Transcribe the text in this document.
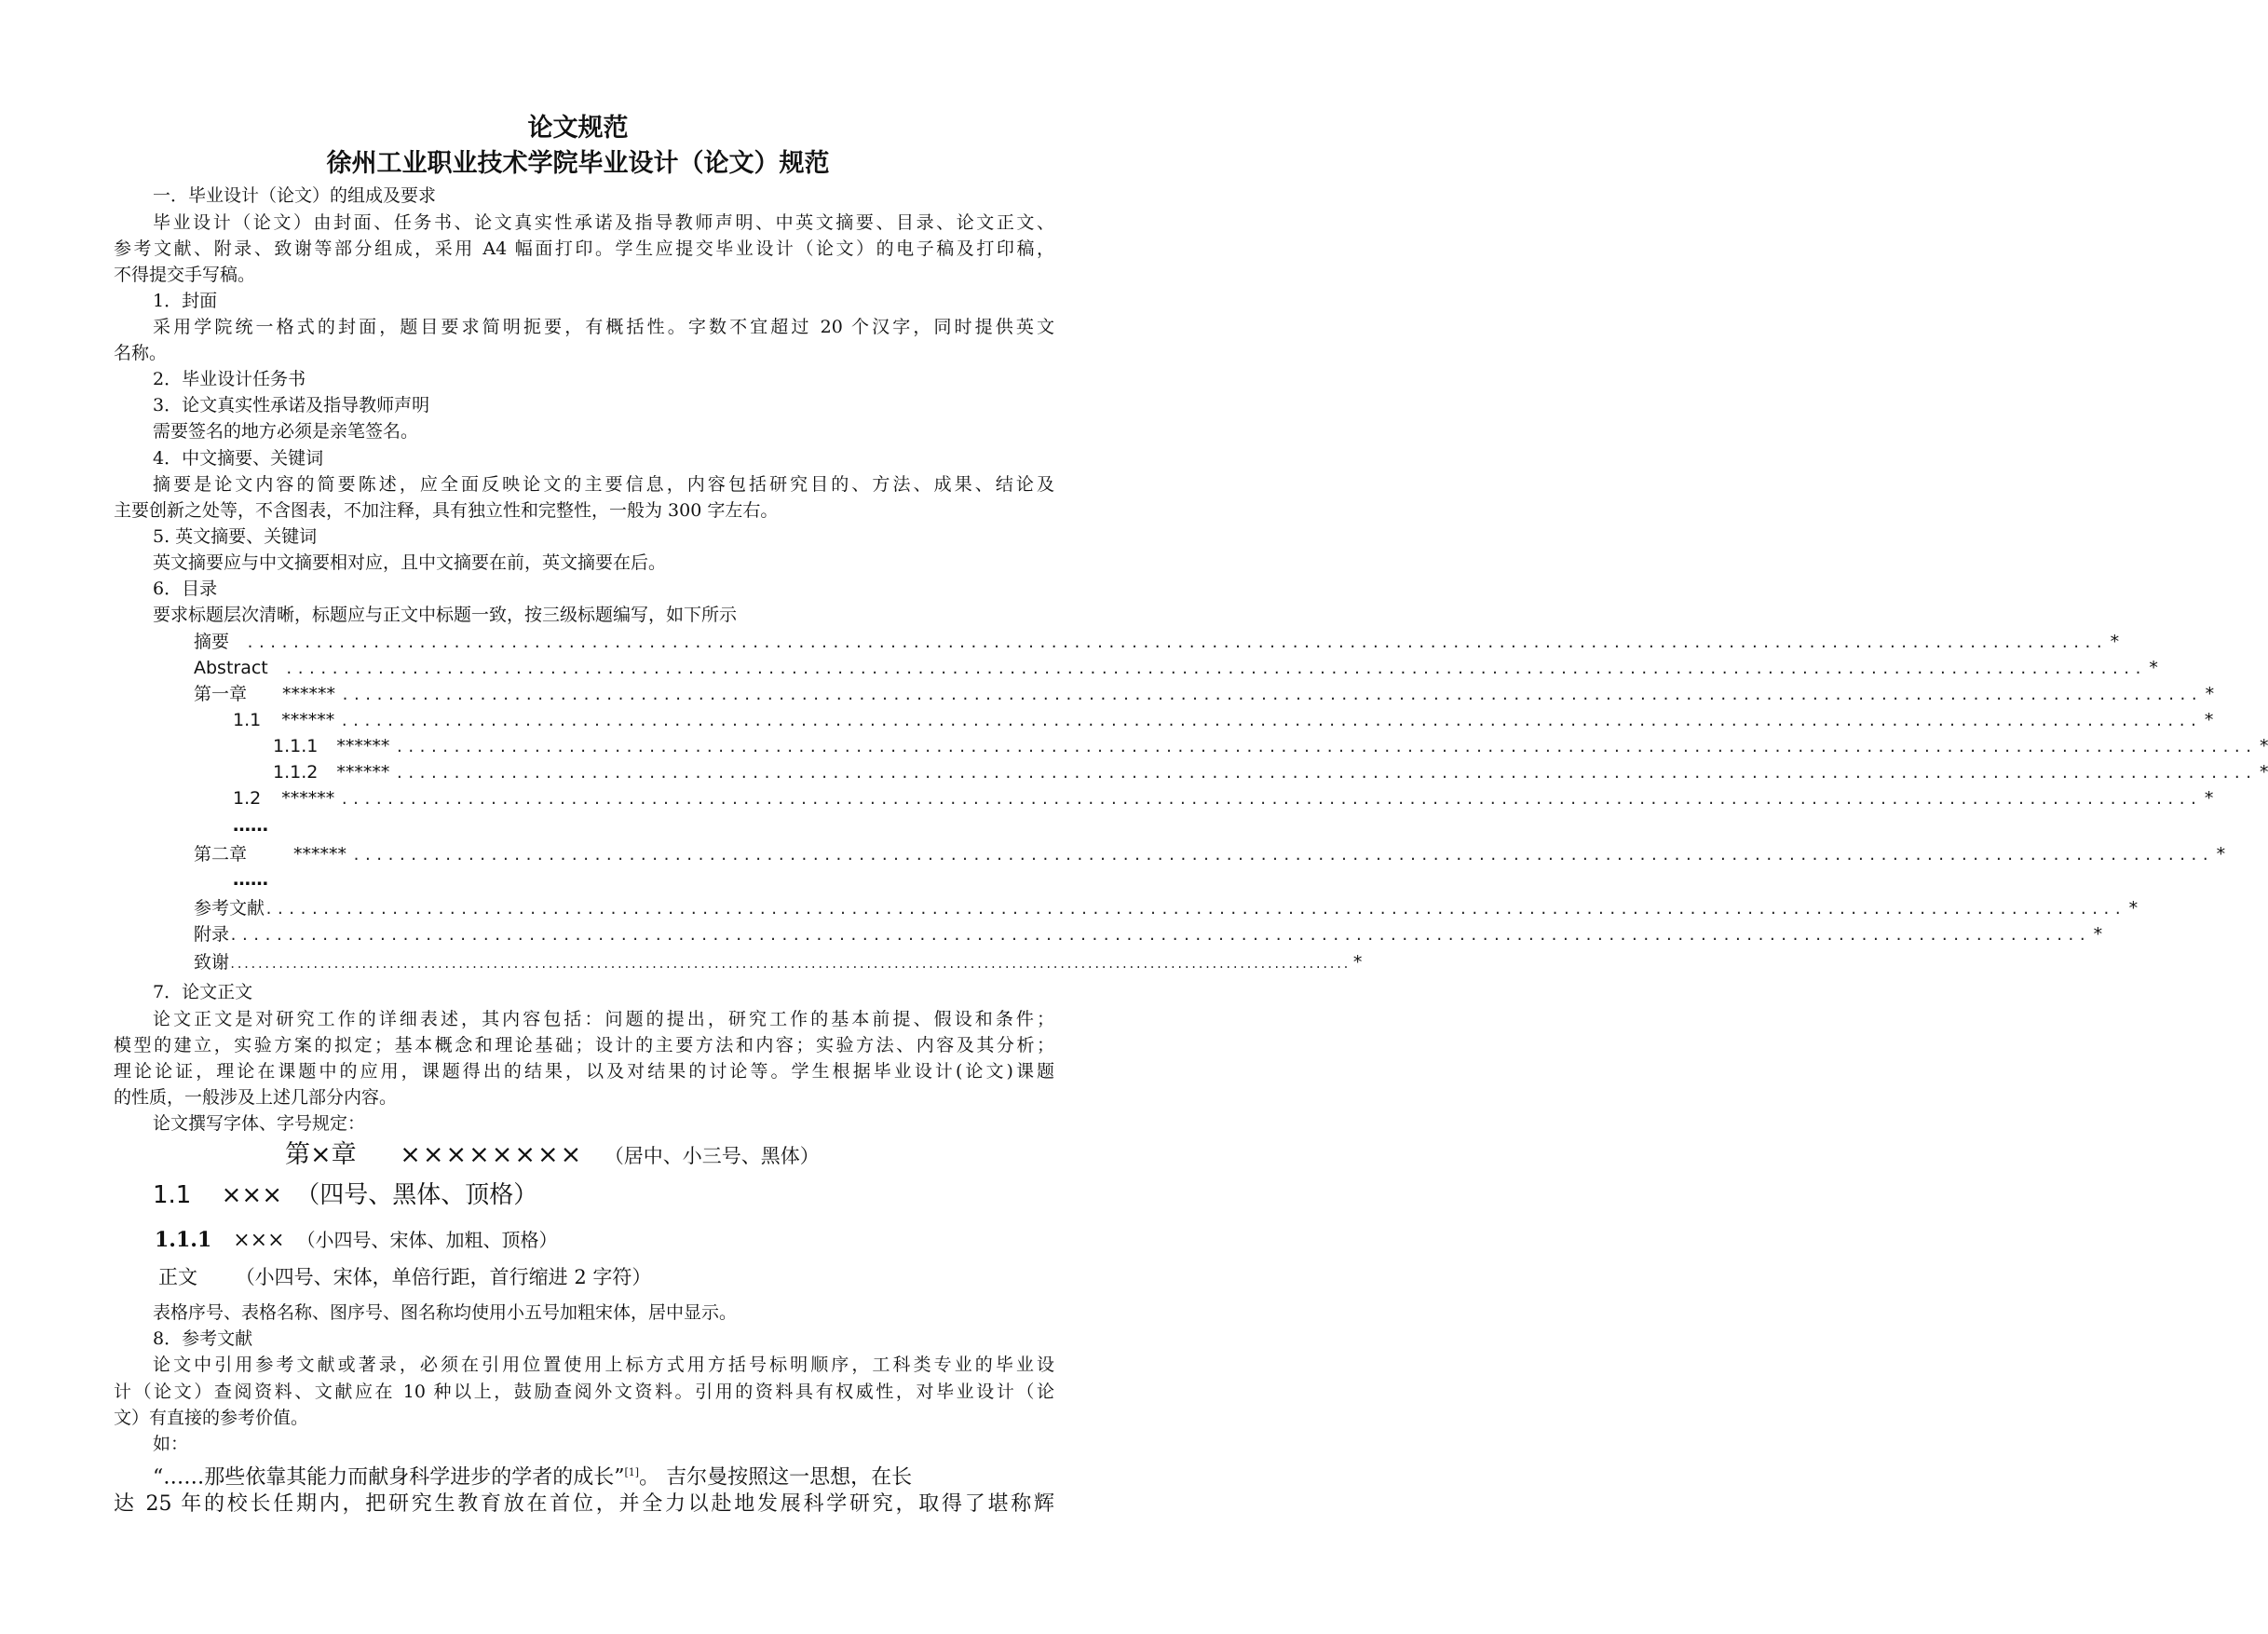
论文规范
徐州工业职业技术学院毕业设计（论文）规范
一．毕业设计（论文）的组成及要求
毕业设计（论文）由封面、任务书、论文真实性承诺及指导教师声明、中英文摘要、目录、论文正文、
参考文献、附录、致谢等部分组成，采用 A4 幅面打印。学生应提交毕业设计（论文）的电子稿及打印稿，
不得提交手写稿。
1．封面
采用学院统一格式的封面，题目要求简明扼要，有概括性。字数不宜超过 20 个汉字，同时提供英文
名称。
2．毕业设计任务书
3．论文真实性承诺及指导教师声明
需要签名的地方必须是亲笔签名。
4．中文摘要、关键词
摘要是论文内容的简要陈述，应全面反映论文的主要信息，内容包括研究目的、方法、成果、结论及
主要创新之处等，不含图表，不加注释，具有独立性和完整性，一般为 300 字左右。
5. 英文摘要、关键词
英文摘要应与中文摘要相对应，且中文摘要在前，英文摘要在后。
6．目录
要求标题层次清晰，标题应与正文中标题一致，按三级标题编写，如下所示
摘要 .................................................................................................................................................................. *
Abstract .................................................................................................................................................................. *
第一章 ****** .................................................................................................................................................................. *
1.1 ****** .................................................................................................................................................................. *
1.1.1 ****** .................................................................................................................................................................. *
1.1.2 ****** .................................................................................................................................................................. *
1.2 ****** .................................................................................................................................................................. *
……
第二章	****** .................................................................................................................................................................. *
……
参考文献 .................................................................................................................................................................. *
附录 .................................................................................................................................................................. *
致谢 .................................................................................................................................................................. *
7．论文正文
论文正文是对研究工作的详细表述，其内容包括：问题的提出，研究工作的基本前提、假设和条件；
模型的建立，实验方案的拟定；基本概念和理论基础；设计的主要方法和内容；实验方法、内容及其分析；
理论论证，理论在课题中的应用，课题得出的结果，以及对结果的讨论等。学生根据毕业设计(论文)课题
的性质，一般涉及上述几部分内容。
论文撰写字体、字号规定：
第×章 ×××××××× （居中、小三号、黑体）
1.1 ××× （四号、黑体、顶格）
1.1.1 ××× （小四号、宋体、加粗、顶格）
正文 （小四号、宋体，单倍行距，首行缩进 2 字符）
表格序号、表格名称、图序号、图名称均使用小五号加粗宋体，居中显示。
8．参考文献
论文中引用参考文献或著录，必须在引用位置使用上标方式用方括号标明顺序，工科类专业的毕业设
计（论文）查阅资料、文献应在 10 种以上，鼓励查阅外文资料。引用的资料具有权威性，对毕业设计（论
文）有直接的参考价值。
如：
“……那些依靠其能力而献身科学进步的学者的成长”[1]。 吉尔曼按照这一思想，在长
达 25 年的校长任期内，把研究生教育放在首位，并全力以赴地发展科学研究，取得了堪称辉
